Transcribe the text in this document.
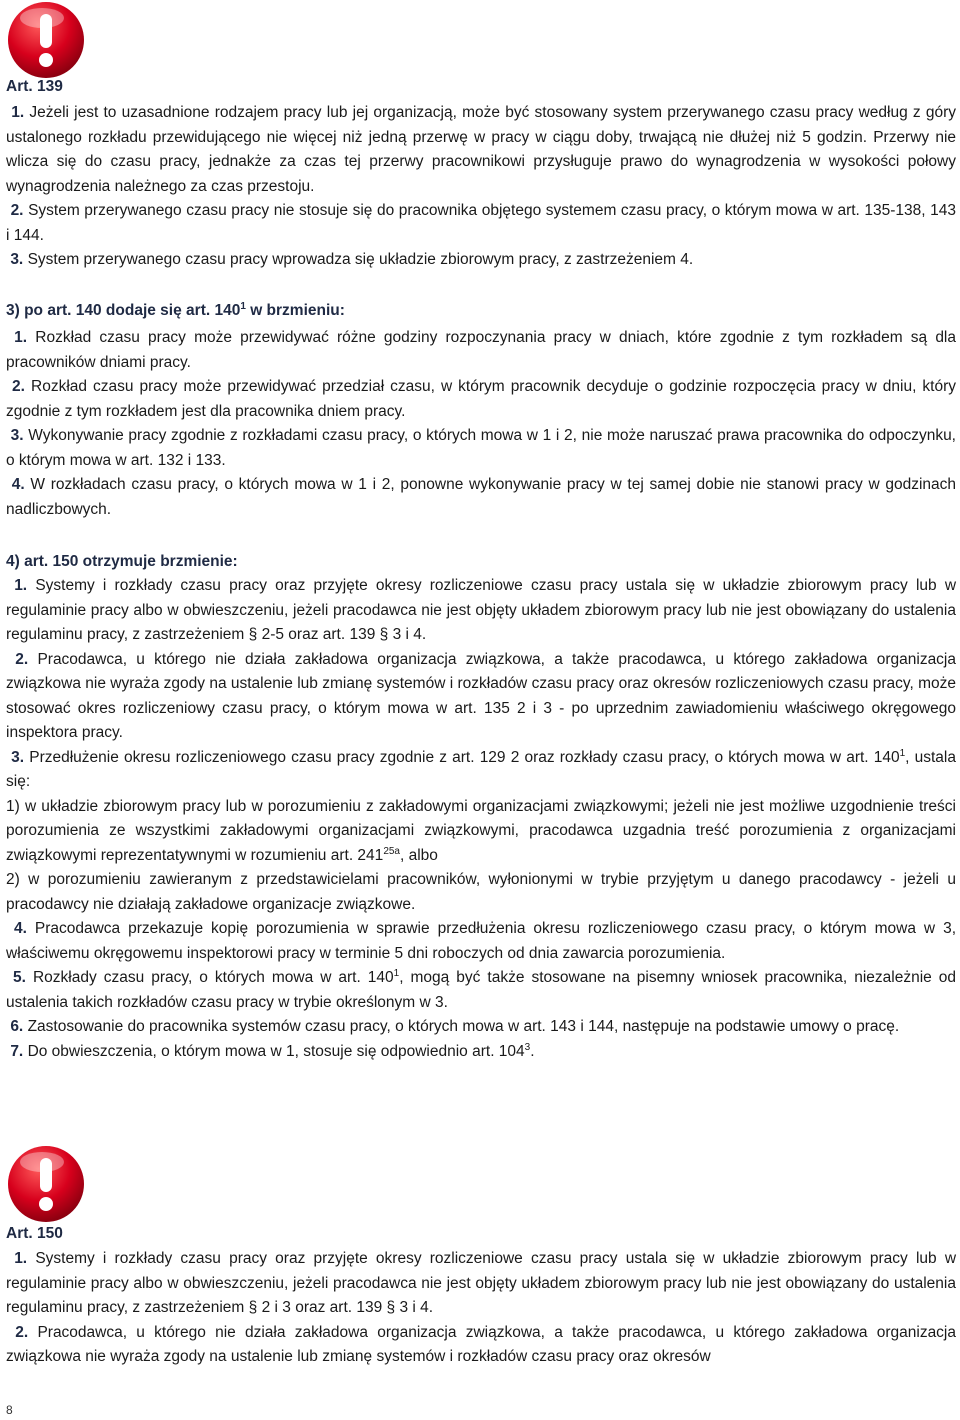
Art. 139

1. Jeżeli jest to uzasadnione rodzajem pracy lub jej organizacją, może być stosowany system przerywanego czasu pracy według z góry ustalonego rozkładu przewidującego nie więcej niż jedną przerwę w pracy w ciągu doby, trwającą nie dłużej niż 5 godzin. Przerwy nie wlicza się do czasu pracy, jednakże za czas tej przerwy pracownikowi przysługuje prawo do wynagrodzenia w wysokości połowy wynagrodzenia należnego za czas przestoju.

2. System przerywanego czasu pracy nie stosuje się do pracownika objętego systemem czasu pracy, o którym mowa w art. 135-138, 143 i 144.

3. System przerywanego czasu pracy wprowadza się układzie zbiorowym pracy, z zastrzeżeniem 4.

3) po art. 140 dodaje się art. $140^1$ w brzmieniu:

1. Rozkład czasu pracy może przewidywać różne godziny rozpoczynania pracy w dniach, które zgodnie z tym rozkładem są dla pracowników dniami pracy.

2. Rozkład czasu pracy może przewidywać przedział czasu, w którym pracownik decyduje o godzinie rozpoczęcia pracy w dniu, który zgodnie z tym rozkładem jest dla pracownika dniem pracy.

3. Wykonywanie pracy zgodnie z rozkładami czasu pracy, o których mowa w 1 i 2, nie może naruszać prawa pracownika do odpoczynku, o którym mowa w art. 132 i 133.

4. W rozkładach czasu pracy, o których mowa w 1 i 2, ponowne wykonywanie pracy w tej samej dobie nie stanowi pracy w godzinach nadliczbowych.

4) art. 150 otrzymuje brzmienie:

1. Systemy i rozkłady czasu pracy oraz przyjęte okresy rozliczeniowe czasu pracy ustala się w układzie zbiorowym pracy lub w regulaminie pracy albo w obwieszczeniu, jeżeli pracodawca nie jest objęty układem zbiorowym pracy lub nie jest obowiązany do ustalenia regulaminu pracy, z zastrzeżeniem § 2-5 oraz art. 139 § 3 i 4.

2. Pracodawca, u którego nie działa zakładowa organizacja związkowa, a także pracodawca, u którego zakładowa organizacja związkowa nie wyraża zgody na ustalenie lub zmianę systemów i rozkładów czasu pracy oraz okresów rozliczeniowych czasu pracy, może stosować okres rozliczeniowy czasu pracy, o którym mowa w art. 135 2 i 3 - po uprzednim zawiadomieniu właściwego okręgowego inspektora pracy.

3. Przedłużenie okresu rozliczeniowego czasu pracy zgodnie z art. 129 2 oraz rozkłady czasu pracy, o których mowa w art. $140^1$, ustala się:

1) w układzie zbiorowym pracy lub w porozumieniu z zakładowymi organizacjami związkowymi; jeżeli nie jest możliwe uzgodnienie treści porozumienia ze wszystkimi zakładowymi organizacjami związkowymi, pracodawca uzgadnia treść porozumienia z organizacjami związkowymi reprezentatywnymi w rozumieniu art. $241^{25a}$, albo

2) w porozumieniu zawieranym z przedstawicielami pracowników, wyłonionymi w trybie przyjętym u danego pracodawcy - jeżeli u pracodawcy nie działają zakładowe organizacje związkowe.

4. Pracodawca przekazuje kopię porozumienia w sprawie przedłużenia okresu rozliczeniowego czasu pracy, o którym mowa w 3, właściwemu okręgowemu inspektorowi pracy w terminie 5 dni roboczych od dnia zawarcia porozumienia.

5. Rozkłady czasu pracy, o których mowa w art. $140^1$, mogą być także stosowane na pisemny wniosek pracownika, niezależnie od ustalenia takich rozkładów czasu pracy w trybie określonym w 3.

6. Zastosowanie do pracownika systemów czasu pracy, o których mowa w art. 143 i 144, następuje na podstawie umowy o pracę.

7. Do obwieszczenia, o którym mowa w 1, stosuje się odpowiednio art. $104^3$.

Art. 150

1. Systemy i rozkłady czasu pracy oraz przyjęte okresy rozliczeniowe czasu pracy ustala się w układzie zbiorowym pracy lub w regulaminie pracy albo w obwieszczeniu, jeżeli pracodawca nie jest objęty układem zbiorowym pracy lub nie jest obowiązany do ustalenia regulaminu pracy, z zastrzeżeniem § 2 i 3 oraz art. 139 § 3 i 4.

2. Pracodawca, u którego nie działa zakładowa organizacja związkowa, a także pracodawca, u którego zakładowa organizacja związkowa nie wyraża zgody na ustalenie lub zmianę systemów i rozkładów czasu pracy oraz okresów

8
